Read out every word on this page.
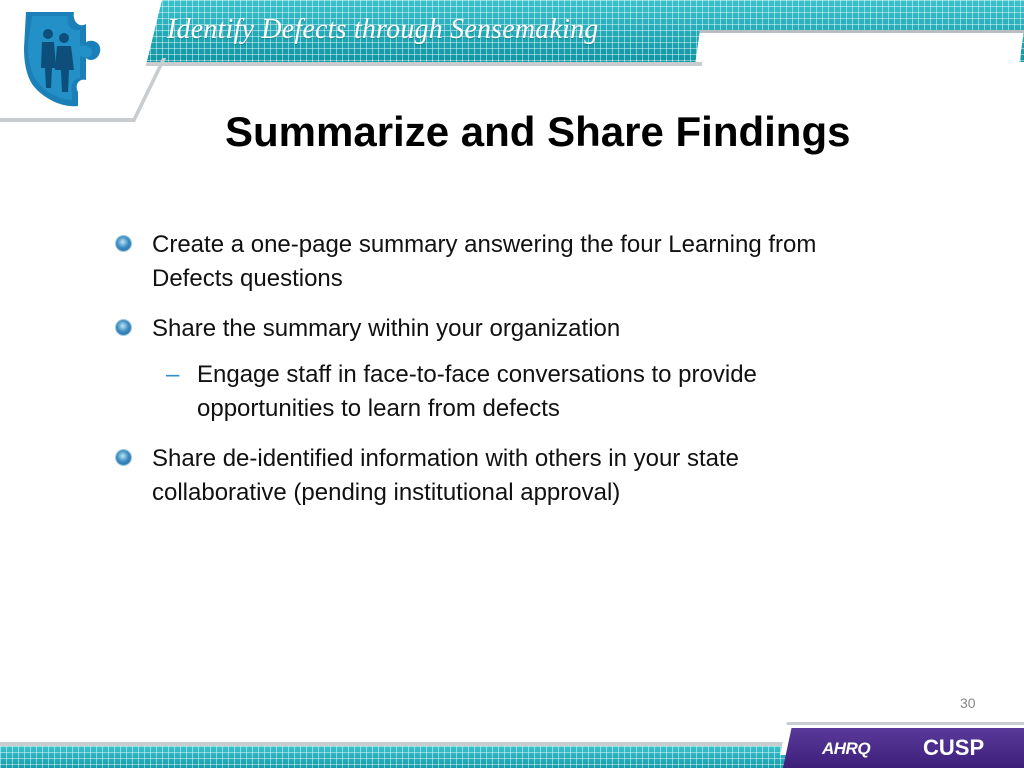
Identify Defects through Sensemaking
Summarize and Share Findings
Create a one-page summary answering the four Learning from
Defects questions
Share the summary within your organization
– Engage staff in face-to-face conversations to provide
opportunities to learn from defects
Share de-identified information with others in your state
collaborative (pending institutional approval)
30
AHRQ CUSP
